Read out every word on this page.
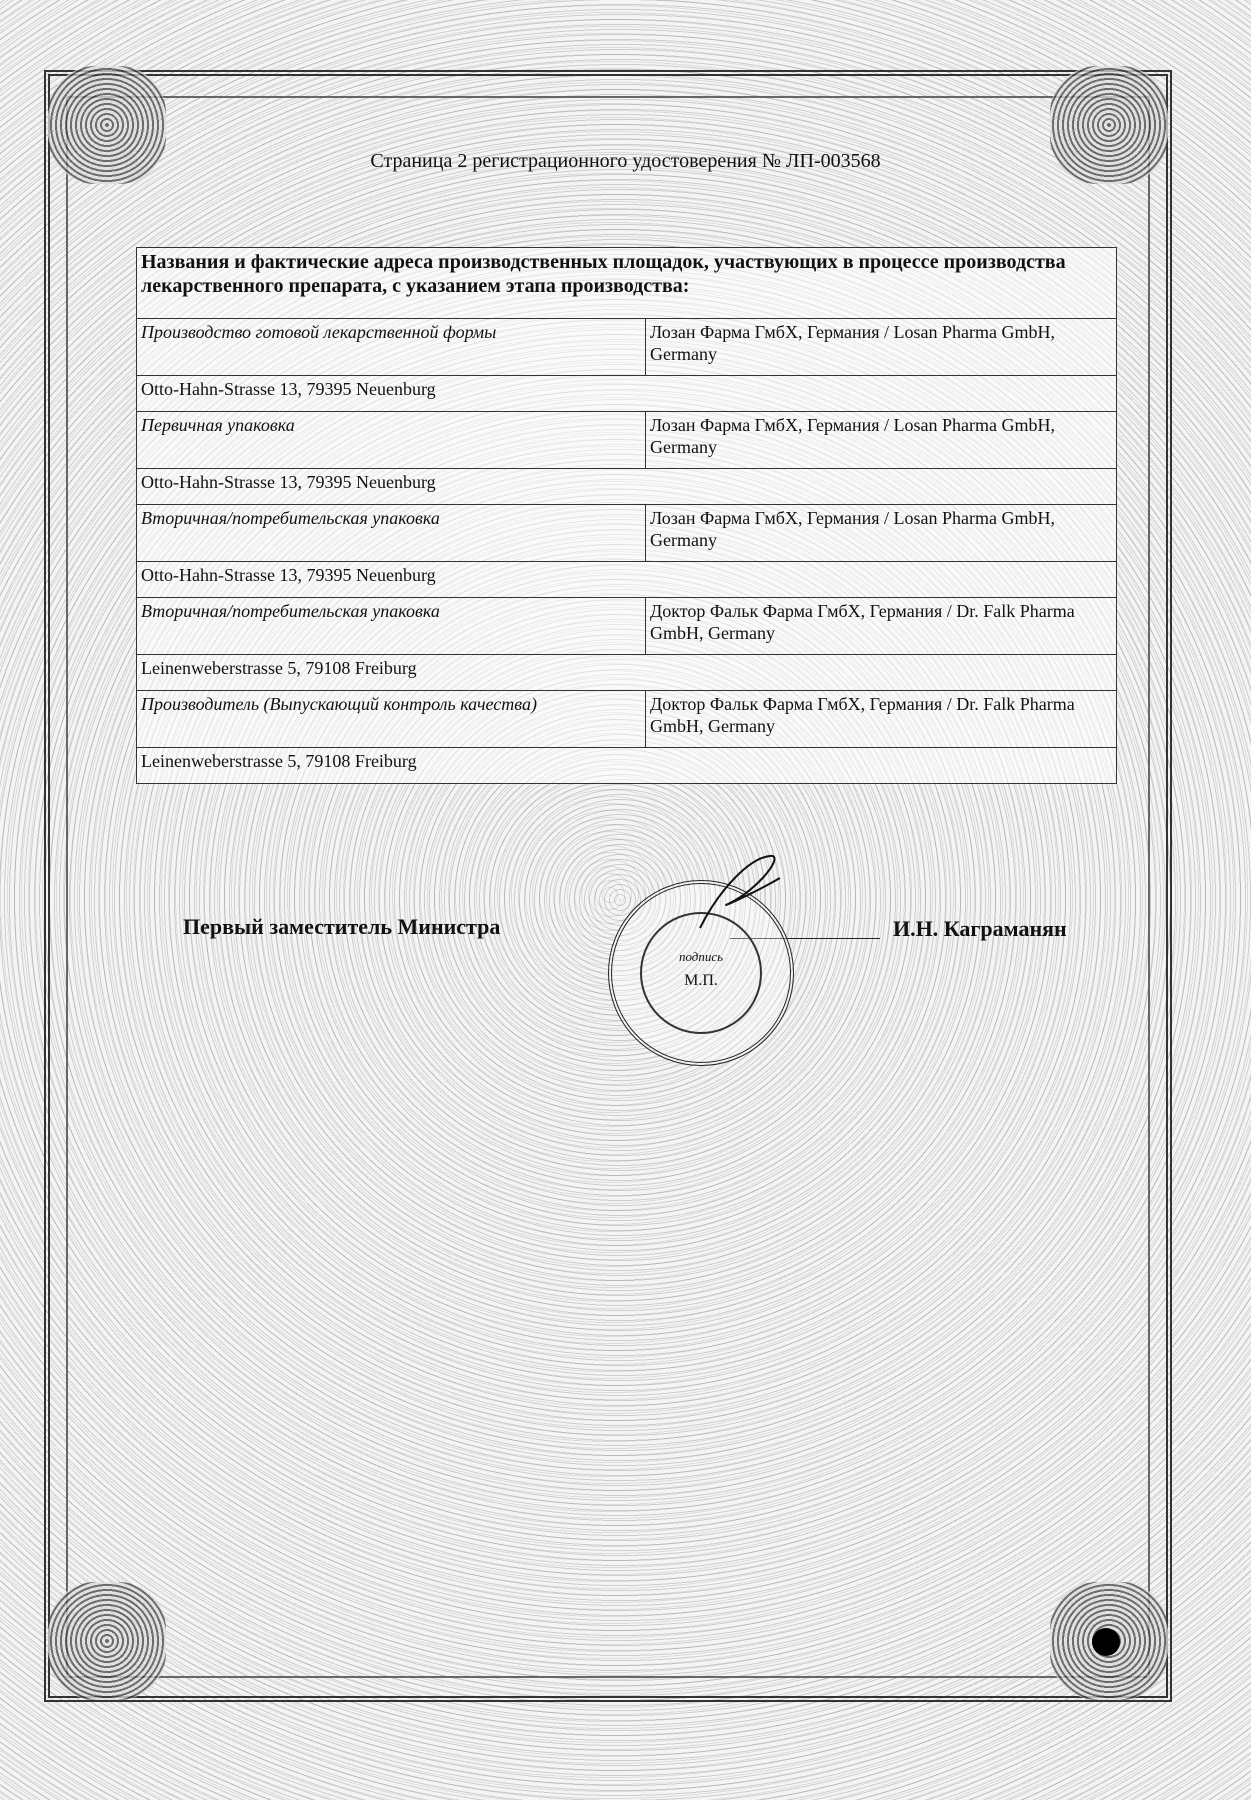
Страница 2 регистрационного удостоверения № ЛП-003568
Названия и фактические адреса производственных площадок, участвующих в процессе производства лекарственного препарата, с указанием этапа производства:	
Производство готовой лекарственной формы	Лозан Фарма ГмбХ, Германия / Losan Pharma GmbH, Germany
Otto-Hahn-Strasse 13, 79395 Neuenburg	
Первичная упаковка	Лозан Фарма ГмбХ, Германия / Losan Pharma GmbH, Germany
Otto-Hahn-Strasse 13, 79395 Neuenburg	
Вторичная/потребительская упаковка	Лозан Фарма ГмбХ, Германия / Losan Pharma GmbH, Germany
Otto-Hahn-Strasse 13, 79395 Neuenburg	
Вторичная/потребительская упаковка	Доктор Фальк Фарма ГмбХ, Германия / Dr. Falk Pharma GmbH, Germany
Leinenweberstrasse 5, 79108 Freiburg	
Производитель (Выпускающий контроль качества)	Доктор Фальк Фарма ГмбХ, Германия / Dr. Falk Pharma GmbH, Germany
Leinenweberstrasse 5, 79108 Freiburg	
Первый заместитель Министра	И.Н. Каграманян
подпись
М.П.
